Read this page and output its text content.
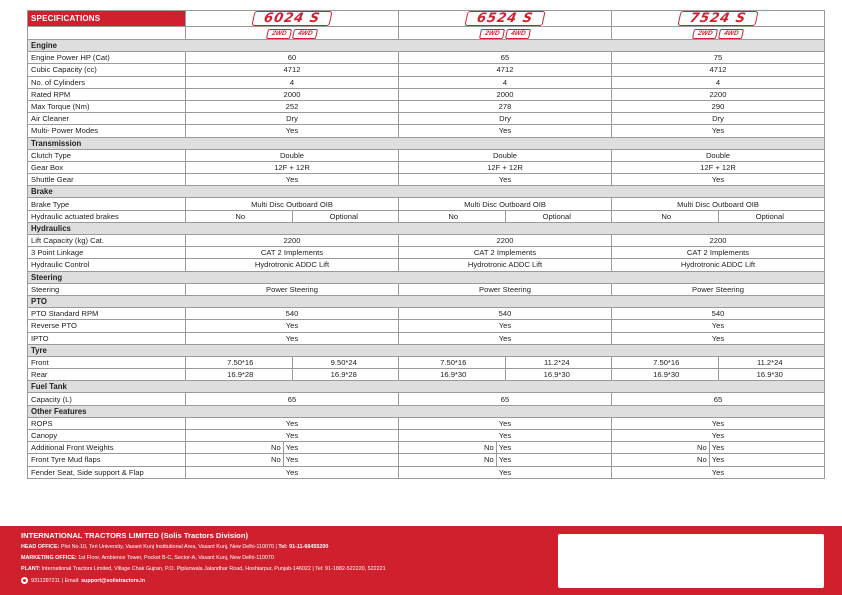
SPECIFICATIONS	6024 S	6524 S	7524 S
	2WD 4WD	2WD 4WD	2WD 4WD
Engine			
Engine Power HP (Cat)	60	65	75
Cubic Capacity (cc)	4712	4712	4712
No. of Cylinders	4	4	4
Rated RPM	2000	2000	2200
Max Torque (Nm)	252	278	290
Air Cleaner	Dry	Dry	Dry
Multi- Power Modes	Yes	Yes	Yes
Transmission			
Clutch Type	Double	Double	Double
Gear Box	12F + 12R	12F + 12R	12F + 12R
Shuttle Gear	Yes	Yes	Yes
Brake			
Brake Type	Multi Disc Outboard OIB	Multi Disc Outboard OIB	Multi Disc Outboard OIB
Hydraulic actuated brakes	No Optional	No Optional	No Optional

Hydraulics			
Lift Capacity (kg) Cat.	2200	2200	2200
3 Point Linkage	CAT 2 Implements	CAT 2 Implements	CAT 2 Implements
Hydraulic Control	Hydrotronic ADDC Lift	Hydrotronic ADDC Lift	Hydrotronic ADDC Lift
Steering			
Steering	Power Steering	Power Steering	Power Steering
PTO			
PTO Standard RPM	540	540	540
Reverse PTO	Yes	Yes	Yes
IPTO	Yes	Yes	Yes
Tyre			
Front	7.50*16 9.50*24	7.50*16 11.2*24	7.50*16 11.2*24

Rear	16.9*28 16.9*28	16.9*30 16.9*30	16.9*30 16.9*30

Fuel Tank			
Capacity (L)	65	65	65
Other Features			
ROPS	Yes	Yes	Yes
Canopy	Yes	Yes	Yes
Additional Front Weights	No Yes	No Yes	No Yes

Front Tyre Mud flaps	No Yes	No Yes	No Yes

Fender Seat, Side support & Flap	Yes	Yes	Yes
INTERNATIONAL TRACTORS LIMITED (Solis Tractors Division)
HEAD OFFICE: Plot No.10, Teri University, Vasant Kunj Institutional Area, Vasant Kunj, New Delhi-110070 | Tel: 91-11-66455200
MARKETING OFFICE: 1st Floor, Ambience Tower, Pocket B-C, Sector-A, Vasant Kunj, New Delhi-110070
PLANT: International Tractors Limited, Village Chak Gujran, P.O. Piplanwala Jalandhar Road, Hoshiarpur, Punjab-146022 | Tel: 91-1882-522220, 522221
9311397211 | Email:
support@solistractors.in
